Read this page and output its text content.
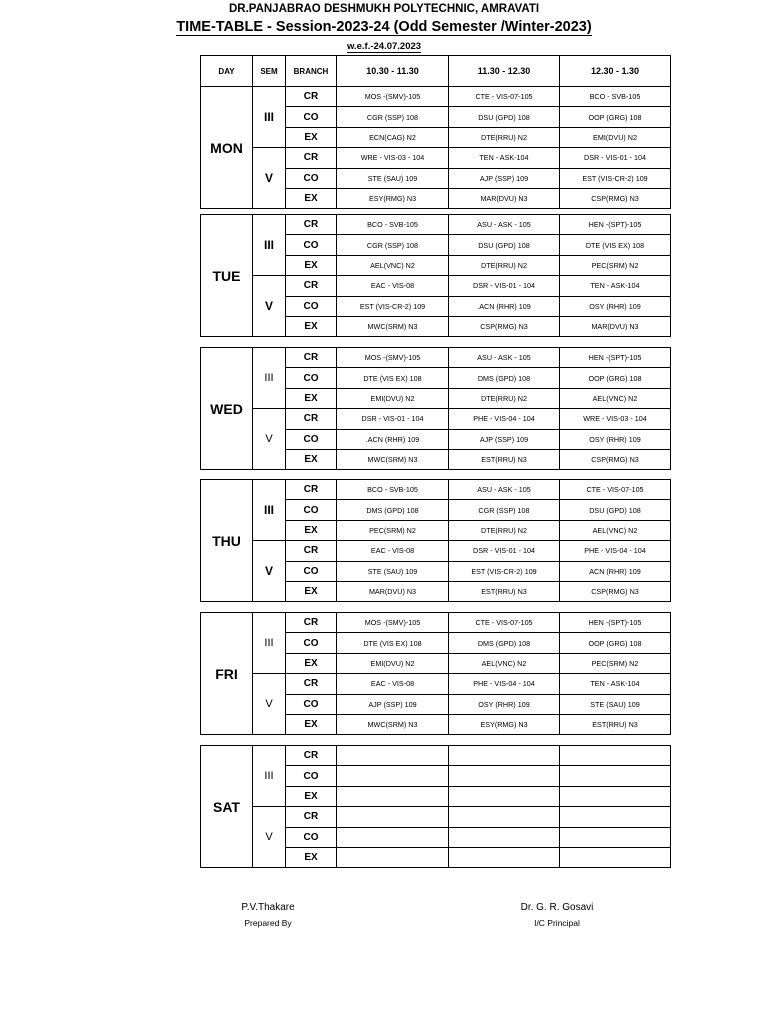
DR.PANJABRAO DESHMUKH POLYTECHNIC, AMRAVATI
TIME-TABLE - Session-2023-24 (Odd Semester /Winter-2023)
w.e.f.-24.07.2023
DAY	SEM	BRANCH	10.30 - 11.30	11.30 - 12.30	12.30 - 1.30
MON	III	CR	MOS -(SMV)-105	CTE - VIS-07-105	BCO - SVB-105
		CO	CGR (SSP) 108	DSU (GPD) 108	OOP (GRG) 108
		EX	ECN(CAG) N2	DTE(RRU) N2	EMI(DVU) N2
	V	CR	WRE - VIS-03 - 104	TEN - ASK-104	DSR - VIS-01 - 104
		CO	STE (SAU) 109	AJP (SSP) 109	EST (VIS-CR-2) 109
		EX	ESY(RMG) N3	MAR(DVU) N3	CSP(RMG) N3
TUE	III	CR	BCO - SVB-105	ASU - ASK - 105	HEN -(SPT)-105
		CO	CGR (SSP) 108	DSU (GPD) 108	DTE (VIS EX) 108
		EX	AEL(VNC) N2	DTE(RRU) N2	PEC(SRM) N2
	V	CR	EAC - VIS-08	DSR - VIS-01 - 104	TEN - ASK-104
		CO	EST (VIS-CR-2) 109	.ACN (RHR) 109	OSY (RHR) 109
		EX	MWC(SRM) N3	CSP(RMG) N3	MAR(DVU) N3
WED	III	CR	MOS -(SMV)-105	ASU - ASK - 105	HEN -(SPT)-105
		CO	DTE (VIS EX) 108	DMS (GPD) 108	OOP (GRG) 108
		EX	EMI(DVU) N2	DTE(RRU) N2	AEL(VNC) N2
	V	CR	DSR - VIS-01 - 104	PHE - VIS-04 - 104	WRE - VIS-03 - 104
		CO	.ACN (RHR) 109	AJP (SSP) 109	OSY (RHR) 109
		EX	MWC(SRM) N3	EST(RRU) N3	CSP(RMG) N3
THU	III	CR	BCO - SVB-105	ASU - ASK - 105	CTE - VIS-07-105
		CO	DMS (GPD) 108	CGR (SSP) 108	DSU (GPD) 108
		EX	PEC(SRM) N2	DTE(RRU) N2	AEL(VNC) N2
	V	CR	EAC - VIS-08	DSR - VIS-01 - 104	PHE - VIS-04 - 104
		CO	STE (SAU) 109	EST (VIS-CR-2) 109	ACN (RHR) 109
		EX	MAR(DVU) N3	EST(RRU) N3	CSP(RMG) N3
FRI	III	CR	MOS -(SMV)-105	CTE - VIS-07-105	HEN -(SPT)-105
		CO	DTE (VIS EX) 108	DMS (GPD) 108	OOP (GRG) 108
		EX	EMI(DVU) N2	AEL(VNC) N2	PEC(SRM) N2
	V	CR	EAC - VIS-08	PHE - VIS-04 - 104	TEN - ASK-104
		CO	AJP (SSP) 109	OSY (RHR) 109	STE (SAU) 109
		EX	MWC(SRM) N3	ESY(RMG) N3	EST(RRU) N3
SAT	III	CR			
		CO			
		EX			
	V	CR			
		CO			
		EX			
P.V.Thakare
Prepared By
Dr. G. R. Gosavi
I/C Principal
